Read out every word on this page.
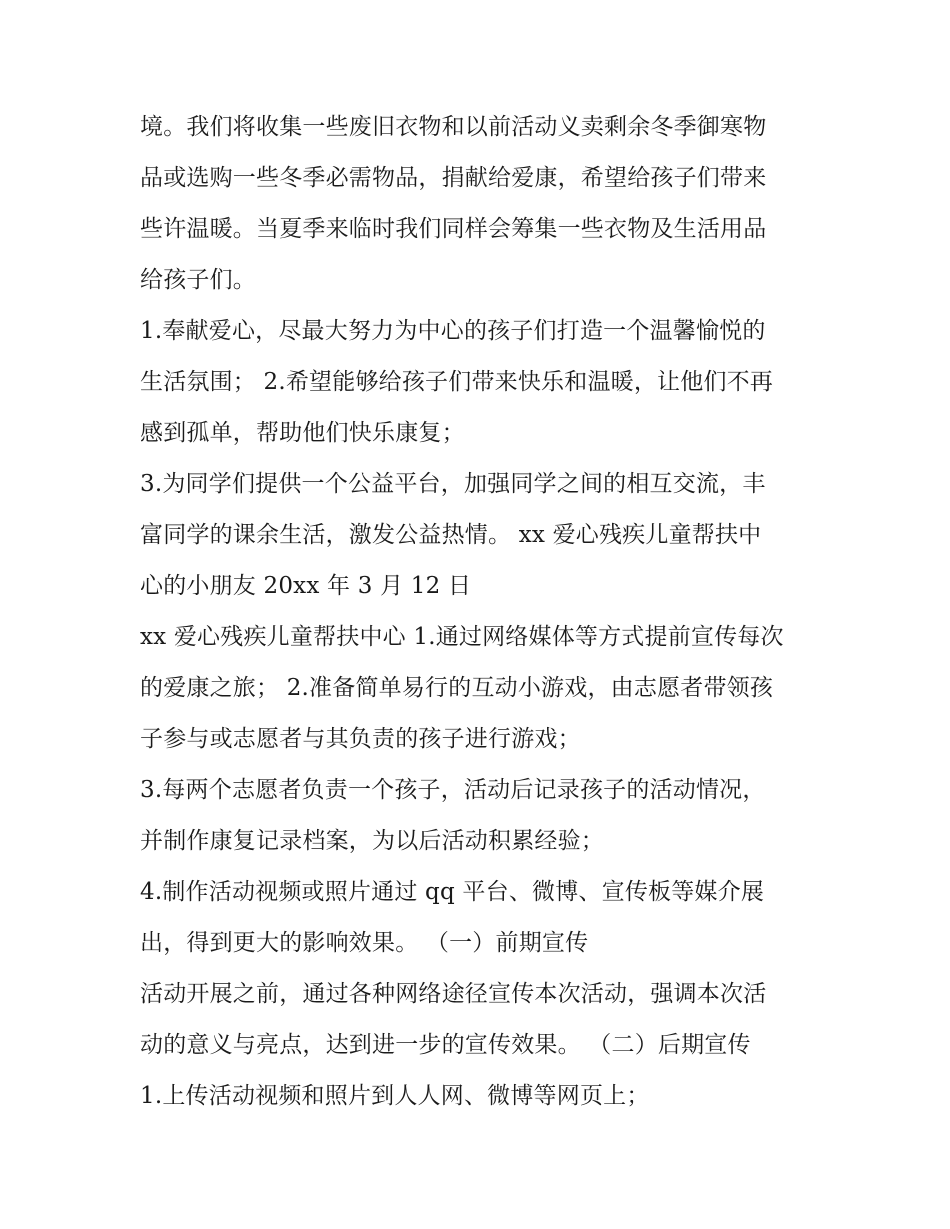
境。我们将收集一些废旧衣物和以前活动义卖剩余冬季御寒物
品或选购一些冬季必需物品，捐献给爱康，希望给孩子们带来
些许温暖。当夏季来临时我们同样会筹集一些衣物及生活用品
给孩子们。
1.奉献爱心，尽最大努力为中心的孩子们打造一个温馨愉悦的
生活氛围； 2.希望能够给孩子们带来快乐和温暖，让他们不再
感到孤单，帮助他们快乐康复；
3.为同学们提供一个公益平台，加强同学之间的相互交流，丰
富同学的课余生活，激发公益热情。 xx 爱心残疾儿童帮扶中
心的小朋友 20xx 年 3 月 12 日
xx 爱心残疾儿童帮扶中心 1.通过网络媒体等方式提前宣传每次
的爱康之旅； 2.准备简单易行的互动小游戏，由志愿者带领孩
子参与或志愿者与其负责的孩子进行游戏；
3.每两个志愿者负责一个孩子，活动后记录孩子的活动情况，
并制作康复记录档案，为以后活动积累经验；
4.制作活动视频或照片通过 qq 平台、微博、宣传板等媒介展
出，得到更大的影响效果。 （一）前期宣传
活动开展之前，通过各种网络途径宣传本次活动，强调本次活
动的意义与亮点，达到进一步的宣传效果。 （二）后期宣传
1.上传活动视频和照片到人人网、微博等网页上；
